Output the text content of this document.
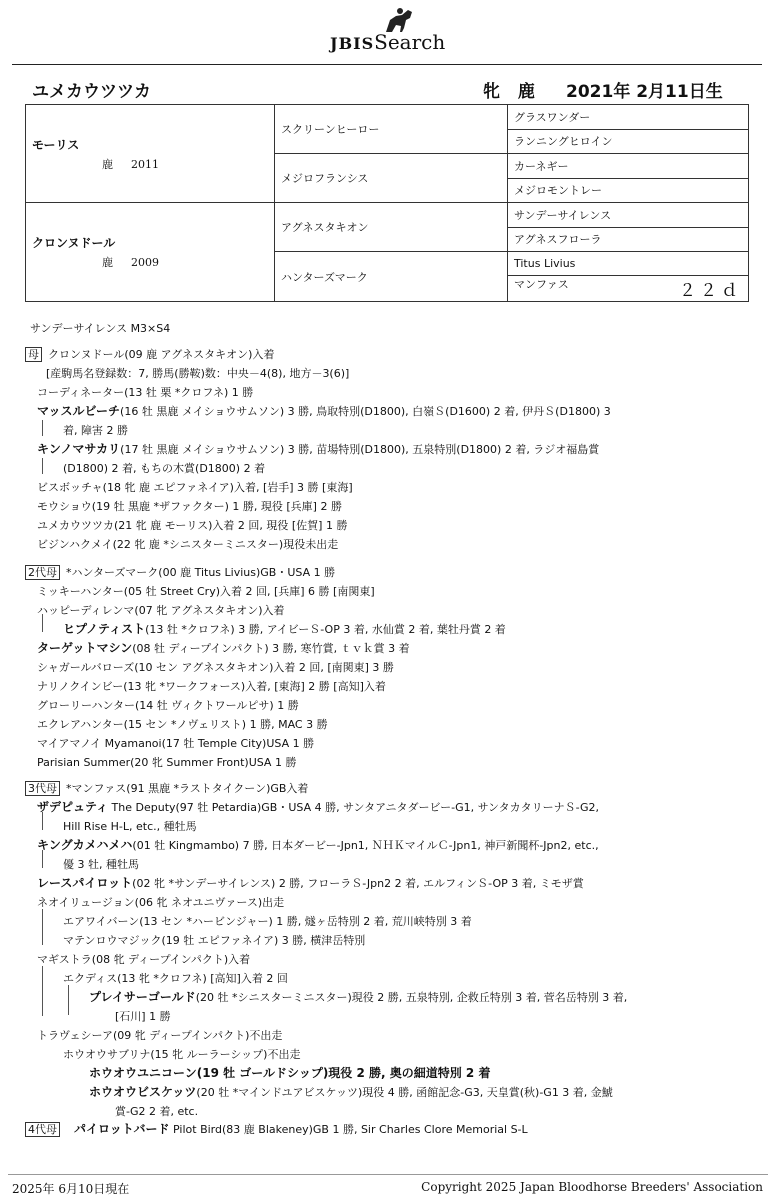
JBISSearch
ユメカウツツカ	牝 鹿 2021年 2月11日生
モーリス
鹿 　 2011	スクリーンヒーロー	グラスワンダー
		ランニングヒロイン
	メジロフランシス	カーネギー
		メジロモントレー

クロンヌドール
鹿 　 2009	アグネスタキオン	サンデーサイレンス
		アグネスフローラ
	ハンターズマーク	Titus Livius
		マンファス ２２ｄ
サンデーサイレンス M3×S4
母 クロンヌドール(09 鹿 アグネスタキオン)入着
[産駒馬名登録数：7, 勝馬(勝鞍)数：中央－4(8), 地方－3(6)]
コーディネーター(13 牡 栗 *クロフネ) 1 勝
マッスルビーチ(16 牡 黒鹿 メイショウサムソン) 3 勝, 鳥取特別(D1800), 白嶺Ｓ(D1600) 2 着, 伊丹Ｓ(D1800) 3
着, 障害 2 勝
キンノマサカリ(17 牡 黒鹿 メイショウサムソン) 3 勝, 苗場特別(D1800), 五泉特別(D1800) 2 着, ラジオ福島賞
(D1800) 2 着, もちの木賞(D1800) 2 着
ビスボッチャ(18 牝 鹿 エピファネイア)入着, [岩手] 3 勝 [東海]
モウショウ(19 牡 黒鹿 *ザファクター) 1 勝, 現役 [兵庫] 2 勝
ユメカウツツカ(21 牝 鹿 モーリス)入着 2 回, 現役 [佐賀] 1 勝
ビジンハクメイ(22 牝 鹿 *シニスターミニスター)現役未出走
2代母 *ハンターズマーク(00 鹿 Titus Livius)GB・USA 1 勝
ミッキーハンター(05 牡 Street Cry)入着 2 回, [兵庫] 6 勝 [南関東]
ハッピーディレンマ(07 牝 アグネスタキオン)入着
ヒプノティスト(13 牡 *クロフネ) 3 勝, アイビーＳ-OP 3 着, 水仙賞 2 着, 葉牡丹賞 2 着
ターゲットマシン(08 牡 ディープインパクト) 3 勝, 寒竹賞, ｔｖｋ賞 3 着
シャガールバローズ(10 セン アグネスタキオン)入着 2 回, [南関東] 3 勝
ナリノクインビー(13 牝 *ワークフォース)入着, [東海] 2 勝 [高知]入着
グローリーハンター(14 牡 ヴィクトワールピサ) 1 勝
エクレアハンター(15 セン *ノヴェリスト) 1 勝, MAC 3 勝
マイアマノイ Myamanoi(17 牡 Temple City)USA 1 勝
Parisian Summer(20 牝 Summer Front)USA 1 勝
3代母 *マンファス(91 黒鹿 *ラストタイクーン)GB入着
ザデピュティ The Deputy(97 牡 Petardia)GB・USA 4 勝, サンタアニタダービー-G1, サンタカタリーナＳ-G2,
Hill Rise H-L, etc., 種牡馬
キングカメハメハ(01 牡 Kingmambo) 7 勝, 日本ダービー-Jpn1, ＮＨＫマイルＣ-Jpn1, 神戸新聞杯-Jpn2, etc.,
優 3 牡, 種牡馬
レースパイロット(02 牝 *サンデーサイレンス) 2 勝, フローラＳ-Jpn2 2 着, エルフィンＳ-OP 3 着, ミモザ賞
ネオイリュージョン(06 牝 ネオユニヴァース)出走
エアワイバーン(13 セン *ハービンジャー) 1 勝, 燧ヶ岳特別 2 着, 荒川峡特別 3 着
マテンロウマジック(19 牡 エピファネイア) 3 勝, 横津岳特別
マギストラ(08 牝 ディープインパクト)入着
エクディス(13 牝 *クロフネ) [高知]入着 2 回
プレイサーゴールド(20 牡 *シニスターミニスター)現役 2 勝, 五泉特別, 企救丘特別 3 着, 菅名岳特別 3 着,
[石川] 1 勝
トラヴェシーア(09 牝 ディープインパクト)不出走
ホウオウサブリナ(15 牝 ルーラーシップ)不出走
ホウオウユニコーン(19 牡 ゴールドシップ)現役 2 勝, 奥の細道特別 2 着
ホウオウビスケッツ(20 牡 *マインドユアビスケッツ)現役 4 勝, 函館記念-G3, 天皇賞(秋)-G1 3 着, 金鯱
賞-G2 2 着, etc.
4代母 パイロットバード Pilot Bird(83 鹿 Blakeney)GB 1 勝, Sir Charles Clore Memorial S-L
2025年 6月10日現在	Copyright 2025 Japan Bloodhorse Breeders' Association
